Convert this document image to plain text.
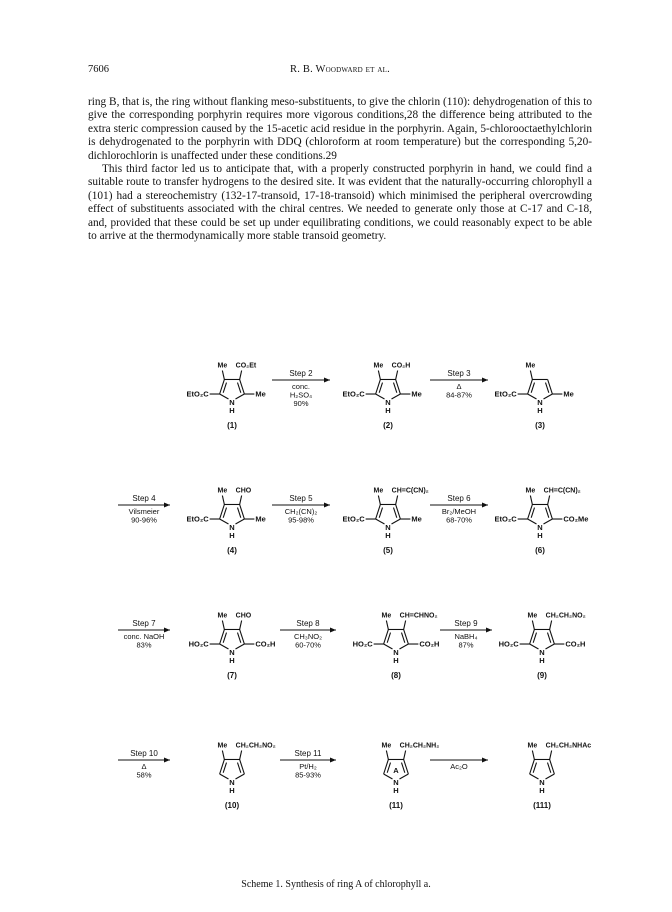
7606	R. B. Woodward et al.

ring B, that is, the ring without flanking meso-substituents, to give the chlorin (110): dehydrogenation of this to give the corresponding porphyrin requires more vigorous conditions,28 the difference being attributed to the extra steric compression caused by the 15-acetic acid residue in the porphyrin. Again, 5-chlorooctaethylchlorin is dehydrogenated to the porphyrin with DDQ (chloroform at room temperature) but the corresponding 5,20-dichlorochlorin is unaffected under these conditions.29

This third factor led us to anticipate that, with a properly constructed porphyrin in hand, we could find a suitable route to transfer hydrogens to the desired site. It was evident that the naturally-occurring chlorophyll a (101) had a stereochemistry (132-17-transoid, 17-18-transoid) which minimised the peripheral overcrowding effect of substituents associated with the chiral centres. We needed to generate only those at C-17 and C-18, and, provided that these could be set up under equilibrating conditions, we could reasonably expect to be able to arrive at the thermodynamically more stable transoid geometry.

N
H
EtO₂C	Me
Me CO₂Et
(1)
Step 2
conc.
H₂SO₄
90%	N
H
EtO₂C	Me
Me CO₂H
(2)
Step 3
Δ
84-87%
N
H
EtO₂C	Me
Me
(3)
Step 4
Vilsmeier
90-96%
N
H
EtO₂C	Me
Me CHO
(4)
Step 5
CH₂(CN)₂
95-98%
N
H
EtO₂C	Me
Me CH=C(CN)₂
(5)
Step 6
Br₂/MeOH
68-70%
N
H
EtO₂C	CO₂Me
Me CH=C(CN)₂
(6)
Step 7
conc. NaOH
83%
N
H
HO₂C	CO₂H
Me CHO
(7)
Step 8
CH₃NO₂
60-70%
N
H
HO₂C	CO₂H
Me CH=CHNO₂
(8)
Step 9
NaBH₄
87%
N
H
HO₂C	CO₂H
Me CH₂CH₂NO₂
(9)
Step 10
Δ
58%
N
H
Me CH₂CH₂NO₂
(10)
Step 11
Pt/H₂
85-93%
N
H
Me CH₂CH₂NH₂
A
(11)
Ac₂O
N
H
Me CH₂CH₂NHAc
(111)
Scheme 1. Synthesis of ring A of chlorophyll a.
